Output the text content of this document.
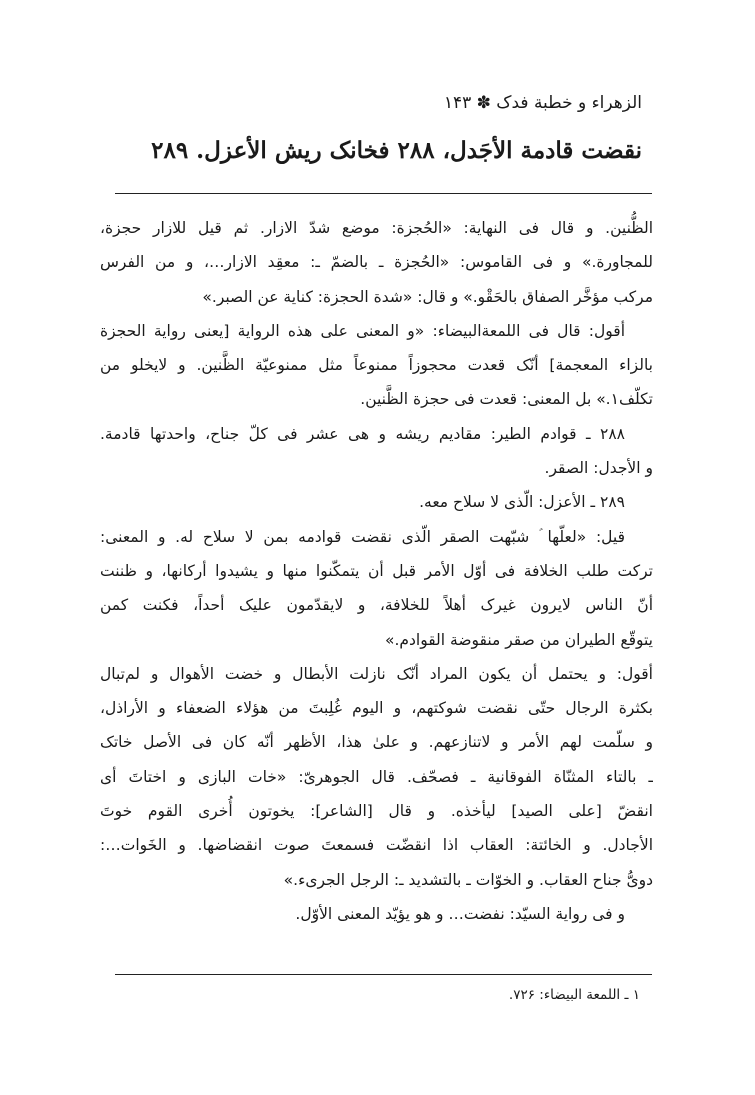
الزهراء و خطبة فدک ✽ ۱۴۳
نقضت قادمة الأجَدل، ۲۸۸ فخانک ریش الأعزل. ۲۸۹
الظُّنین. و قال فی النهایة: «الحُجزة: موضع شدّ الازار. ثم قیل للازار حجزة،
للمجاورة.» و فی القاموس: «الحُجزة ـ بالضمّ ـ: معقِد الازار…، و من الفرس
مرکب مؤخَّر الصفاق بالحَقْو.» و قال: «شدة الحجزة: کنایة عن الصبر.»
أقول: قال فی اللمعةالبیضاء: «و المعنی علی هذه الروایة [یعنی روایة الحجزة
بالزاء المعجمة] أنّک قعدت محجوزاً ممنوعاً مثل ممنوعیّة الظَّنین. و لایخلو من
تکلّف۱.» بل المعنی: قعدت فی حجزة الظَّنین.
۲۸۸ ـ قوادم الطیر: مقادیم ریشه و هی عشر فی کلّ جناح، واحدتها قادمة.
و الأجدل: الصقر.
۲۸۹ ـ الأعزل: الّذی لا سلاح معه.
قیل: «لعلّها ؑ شبّهت الصقر الّذی نقضت قوادمه بمن لا سلاح له. و المعنی:
ترکت طلب الخلافة فی أوّل الأمر قبل أن یتمکّنوا منها و یشیدوا أرکانها، و ظننت
أنّ الناس لایرون غیرک أهلاً للخلافة، و لایقدّمون علیک أحداً، فکنت کمن
یتوقّع الطیران من صقر منقوضة القوادم.»
أقول: و یحتمل أن یکون المراد أنّک نازلت الأبطال و خضت الأهوال و لم‌تبال
بکثرة الرجال حتّی نقضت شوکتهم، و الیوم غُلِبتَ من هؤلاء الضعفاء و الأراذل،
و سلّمت لهم الأمر و لاتنازعهم. و علیٰ هذا، الأظهر أنّه کان فی الأصل خاتک
ـ بالتاء المثنّاة الفوقانیة ـ فصحّف. قال الجوهریّ: «خات البازی و اختاتَ أی
انقضّ [علی الصید] لیأخذه. و قال [الشاعر]: یخوتون أُخری القوم خوتَ
الأجادل. و الخائتة: العقاب اذا انقضّت فسمعتَ صوت انقضاضها. و الخَوات…:
دویُّ جناح العقاب. و الخوّات ـ بالتشدید ـ: الرجل الجریء.»
و فی روایة السیّد: نفضت… و هو یؤیّد المعنی الأوّل.
۱ ـ اللمعة البیضاء: ۷۲۶.
